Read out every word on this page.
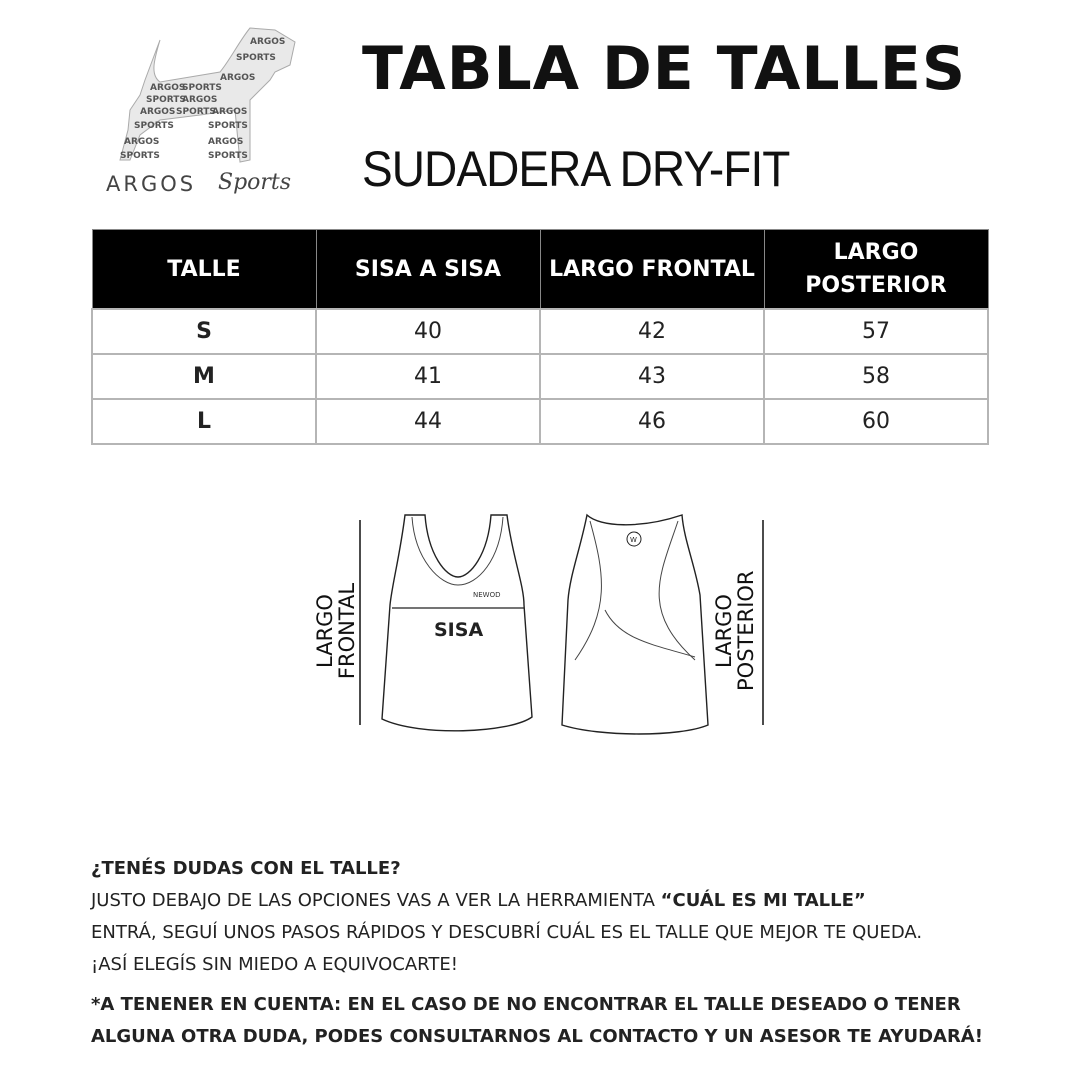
ARGOS
SPORTS
SPORTS
ARGOS
ARGOS SPORTS
ARGOS
ARGOS
SPORTS
ARGOS
SPORTS	SPORTS
ARGOS	ARGOS
SPORTS	SPORTS
ARGOS Sports
TABLA DE TALLES
SUDADERA DRY-FIT
TALLE	SISA A SISA	LARGO FRONTAL	LARGO POSTERIOR
S	40	42	57
M	41	43	58
L	44	46	60
NEWOD
W
LARGO
FRONTAL	LARGO
POSTERIOR
SISA
¿TENÉS DUDAS CON EL TALLE?
JUSTO DEBAJO DE LAS OPCIONES VAS A VER LA HERRAMIENTA “CUÁL ES MI TALLE”
ENTRÁ, SEGUÍ UNOS PASOS RÁPIDOS Y DESCUBRÍ CUÁL ES EL TALLE QUE MEJOR TE QUEDA.
¡ASÍ ELEGÍS SIN MIEDO A EQUIVOCARTE!
*A TENENER EN CUENTA: EN EL CASO DE NO ENCONTRAR EL TALLE DESEADO O TENER ALGUNA OTRA DUDA, PODES CONSULTARNOS AL CONTACTO Y UN ASESOR TE AYUDARÁ!
